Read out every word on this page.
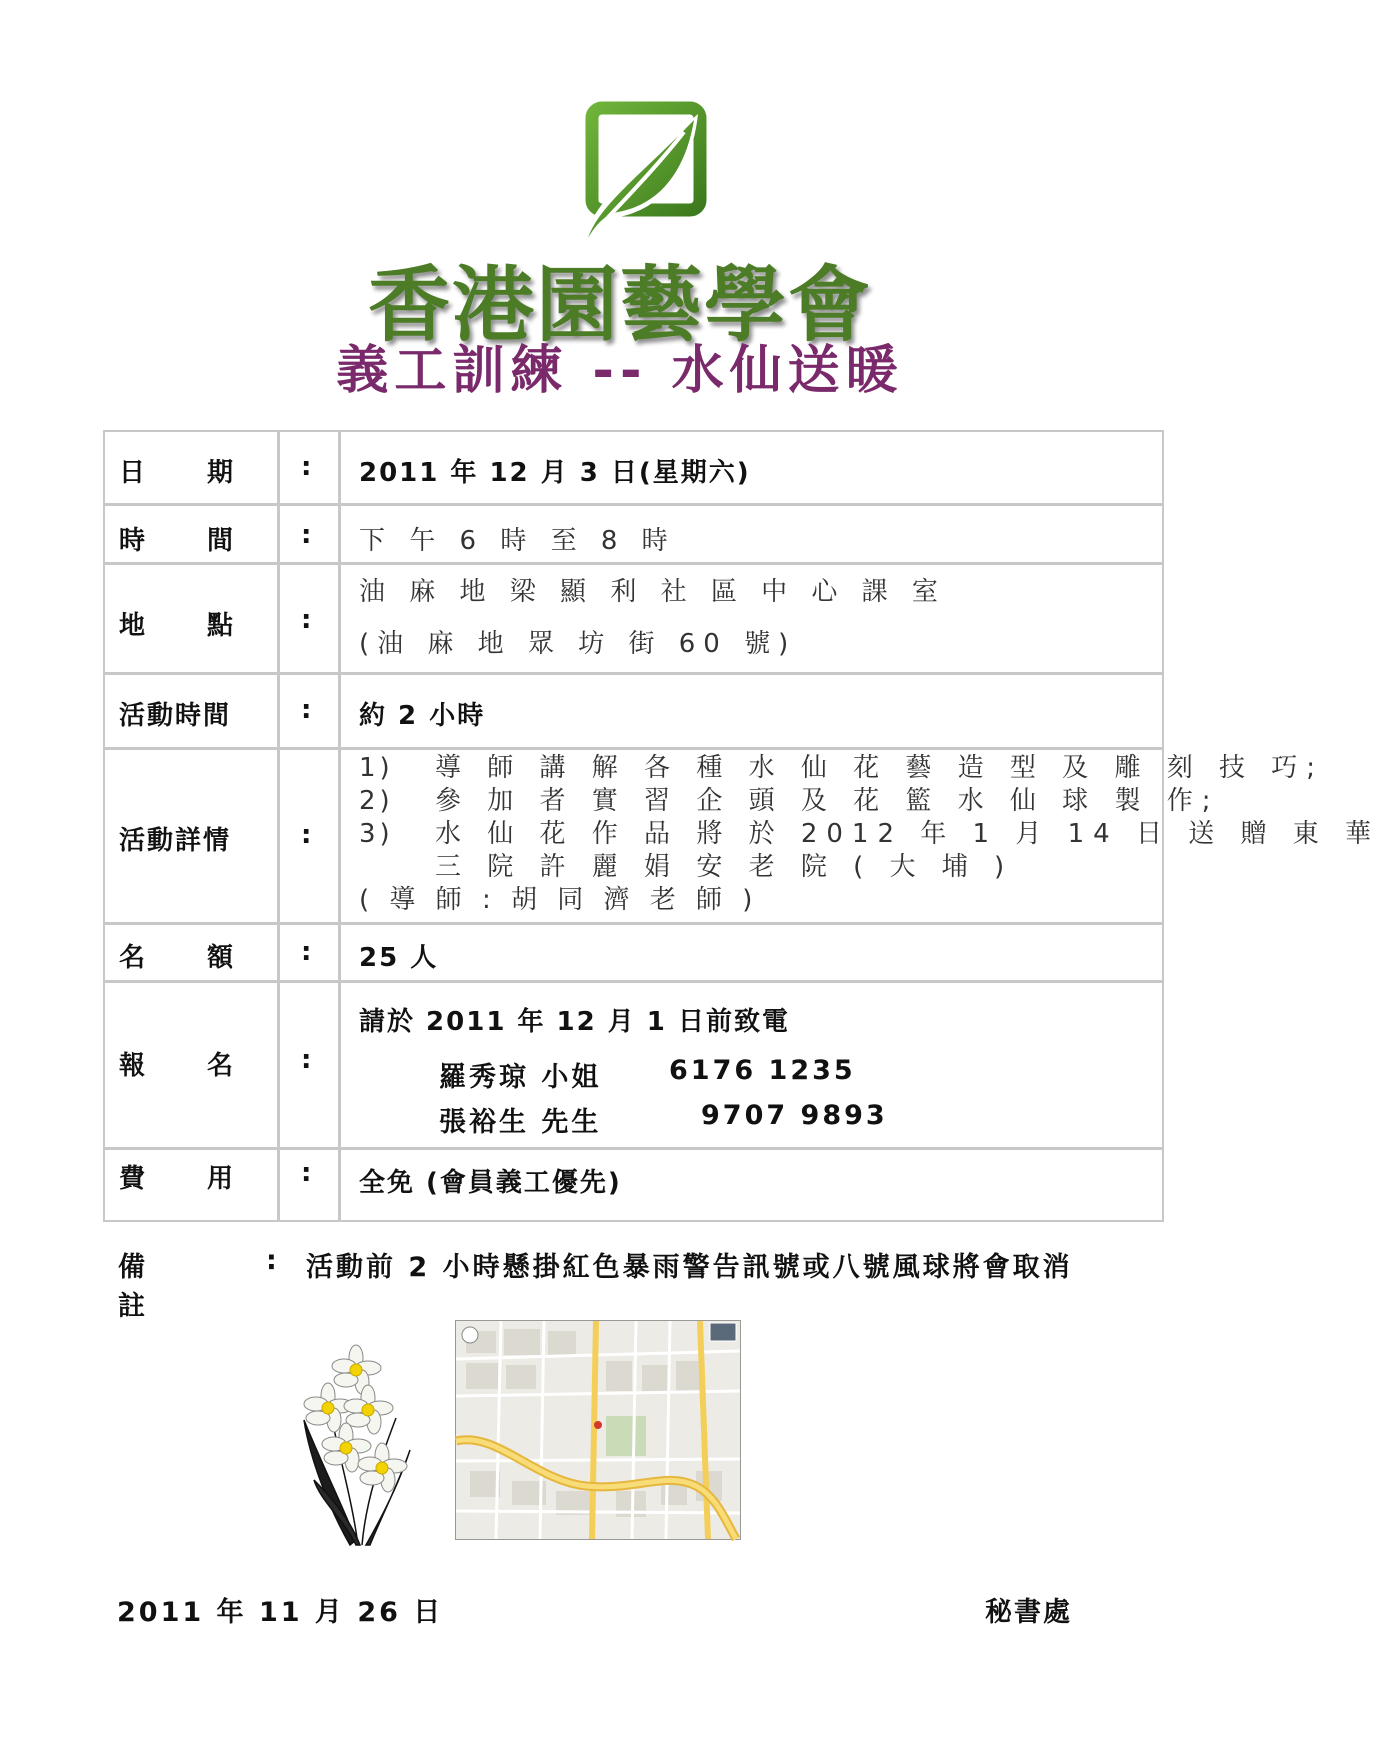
香港園藝學會
義工訓練 -- 水仙送暖
日 期	: 2011 年 12 月 3 日(星期六)
時 間	: 下 午 6 時 至 8 時
地 點	:
油 麻 地 梁 顯 利 社 區 中 心 課 室
(油 麻 地 眾 坊 街 60 號)
活動時間	: 約 2 小時
活動詳情	:
1) 導 師 講 解 各 種 水 仙 花 藝 造 型 及 雕 刻 技 巧;
2) 參 加 者 實 習 企 頭 及 花 籃 水 仙 球 製 作;
3) 水 仙 花 作 品 將 於 2012 年 1 月 14 日 送 贈 東 華
三 院 許 麗 娟 安 老 院 ( 大 埔 )
( 導 師 : 胡 同 濟 老 師 )
名 額	: 25 人
報 名	:
請於 2011 年 12 月 1 日前致電
羅秀琼 小姐	6176 1235
張裕生 先生	9707 9893
費 用	: 全免 (會員義工優先)
備註
: 活動前 2 小時懸掛紅色暴雨警告訊號或八號風球將會取消
2011 年 11 月 26 日	秘書處
